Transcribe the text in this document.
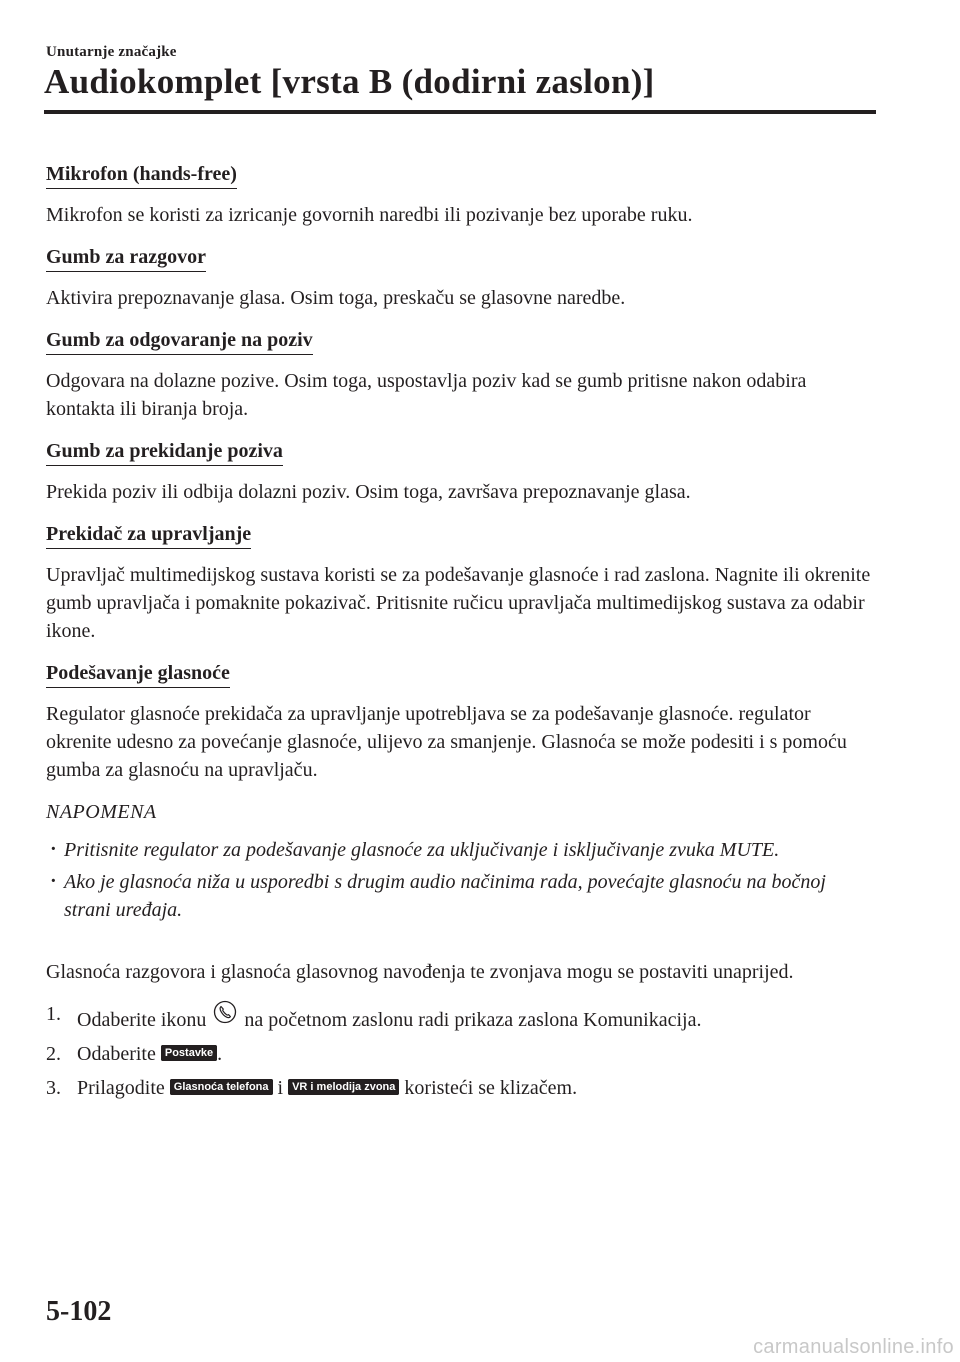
Unutarnje značajke
Audiokomplet [vrsta B (dodirni zaslon)]
Mikrofon (hands-free)

Mikrofon se koristi za izricanje govornih naredbi ili pozivanje bez uporabe ruku.

Gumb za razgovor

Aktivira prepoznavanje glasa. Osim toga, preskaču se glasovne naredbe.

Gumb za odgovaranje na poziv

Odgovara na dolazne pozive. Osim toga, uspostavlja poziv kad se gumb pritisne nakon odabira kontakta ili biranja broja.

Gumb za prekidanje poziva

Prekida poziv ili odbija dolazni poziv. Osim toga, završava prepoznavanje glasa.

Prekidač za upravljanje

Upravljač multimedijskog sustava koristi se za podešavanje glasnoće i rad zaslona. Nagnite ili okrenite gumb upravljača i pomaknite pokazivač. Pritisnite ručicu upravljača multimedijskog sustava za odabir ikone.

Podešavanje glasnoće

Regulator glasnoće prekidača za upravljanje upotrebljava se za podešavanje glasnoće. regulator okrenite udesno za povećanje glasnoće, ulijevo za smanjenje. Glasnoća se može podesiti i s pomoću gumba za glasnoću na upravljaču.

NAPOMENA
· Pritisnite regulator za podešavanje glasnoće za uključivanje i isključivanje zvuka MUTE.
· Ako je glasnoća niža u usporedbi s drugim audio načinima rada, povećajte glasnoću na bočnoj strani uređaja.

Glasnoća razgovora i glasnoća glasovnog navođenja te zvonjava mogu se postaviti unaprijed.

1. Odaberite ikonu na početnom zaslonu radi prikaza zaslona Komunikacija.
2. Odaberite Postavke .
3. Prilagodite Glasnoća telefona i VR i melodija zvona koristeći se klizačem.
5-102
carmanualsonline.info
